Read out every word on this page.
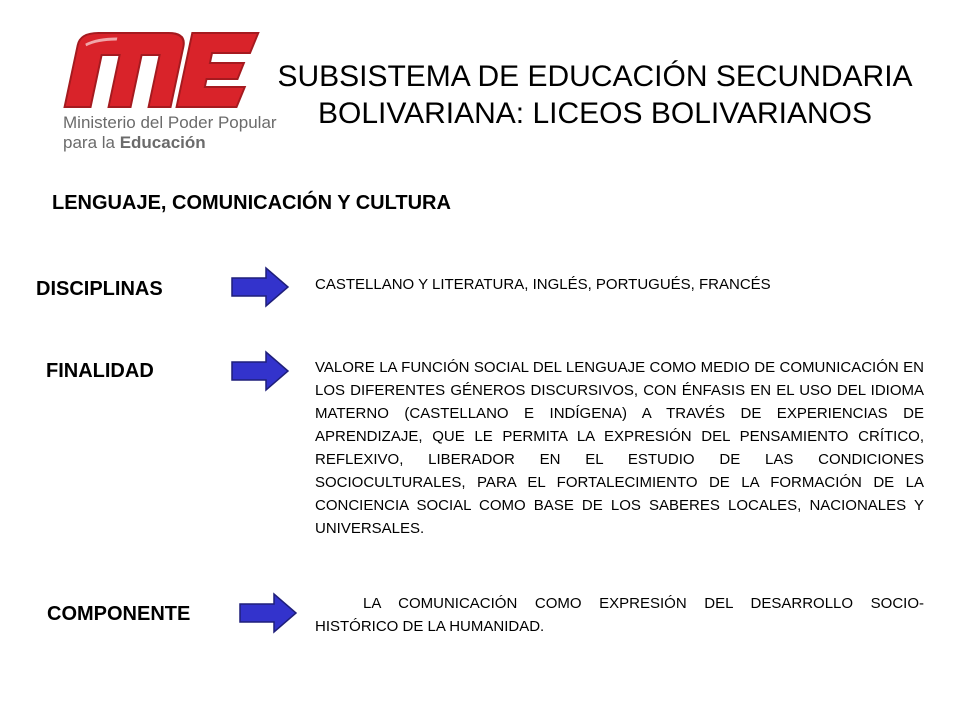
Ministerio del Poder Popular
para la Educación
SUBSISTEMA DE EDUCACIÓN SECUNDARIA
BOLIVARIANA: LICEOS BOLIVARIANOS
LENGUAJE, COMUNICACIÓN Y CULTURA
DISCIPLINAS	CASTELLANO Y LITERATURA, INGLÉS, PORTUGUÉS, FRANCÉS
FINALIDAD	VALORE LA FUNCIÓN SOCIAL DEL LENGUAJE COMO MEDIO DE COMUNICACIÓN EN LOS DIFERENTES GÉNEROS DISCURSIVOS, CON ÉNFASIS EN EL USO DEL IDIOMA MATERNO (CASTELLANO E INDÍGENA) A TRAVÉS DE EXPERIENCIAS DE APRENDIZAJE, QUE LE PERMITA LA EXPRESIÓN DEL PENSAMIENTO CRÍTICO, REFLEXIVO, LIBERADOR EN EL ESTUDIO DE LAS CONDICIONES SOCIOCULTURALES, PARA EL FORTALECIMIENTO DE LA FORMACIÓN DE LA CONCIENCIA SOCIAL COMO BASE DE LOS SABERES LOCALES, NACIONALES Y UNIVERSALES.
COMPONENTE	LA COMUNICACIÓN COMO EXPRESIÓN DEL DESARROLLO SOCIO-HISTÓRICO DE LA HUMANIDAD.
